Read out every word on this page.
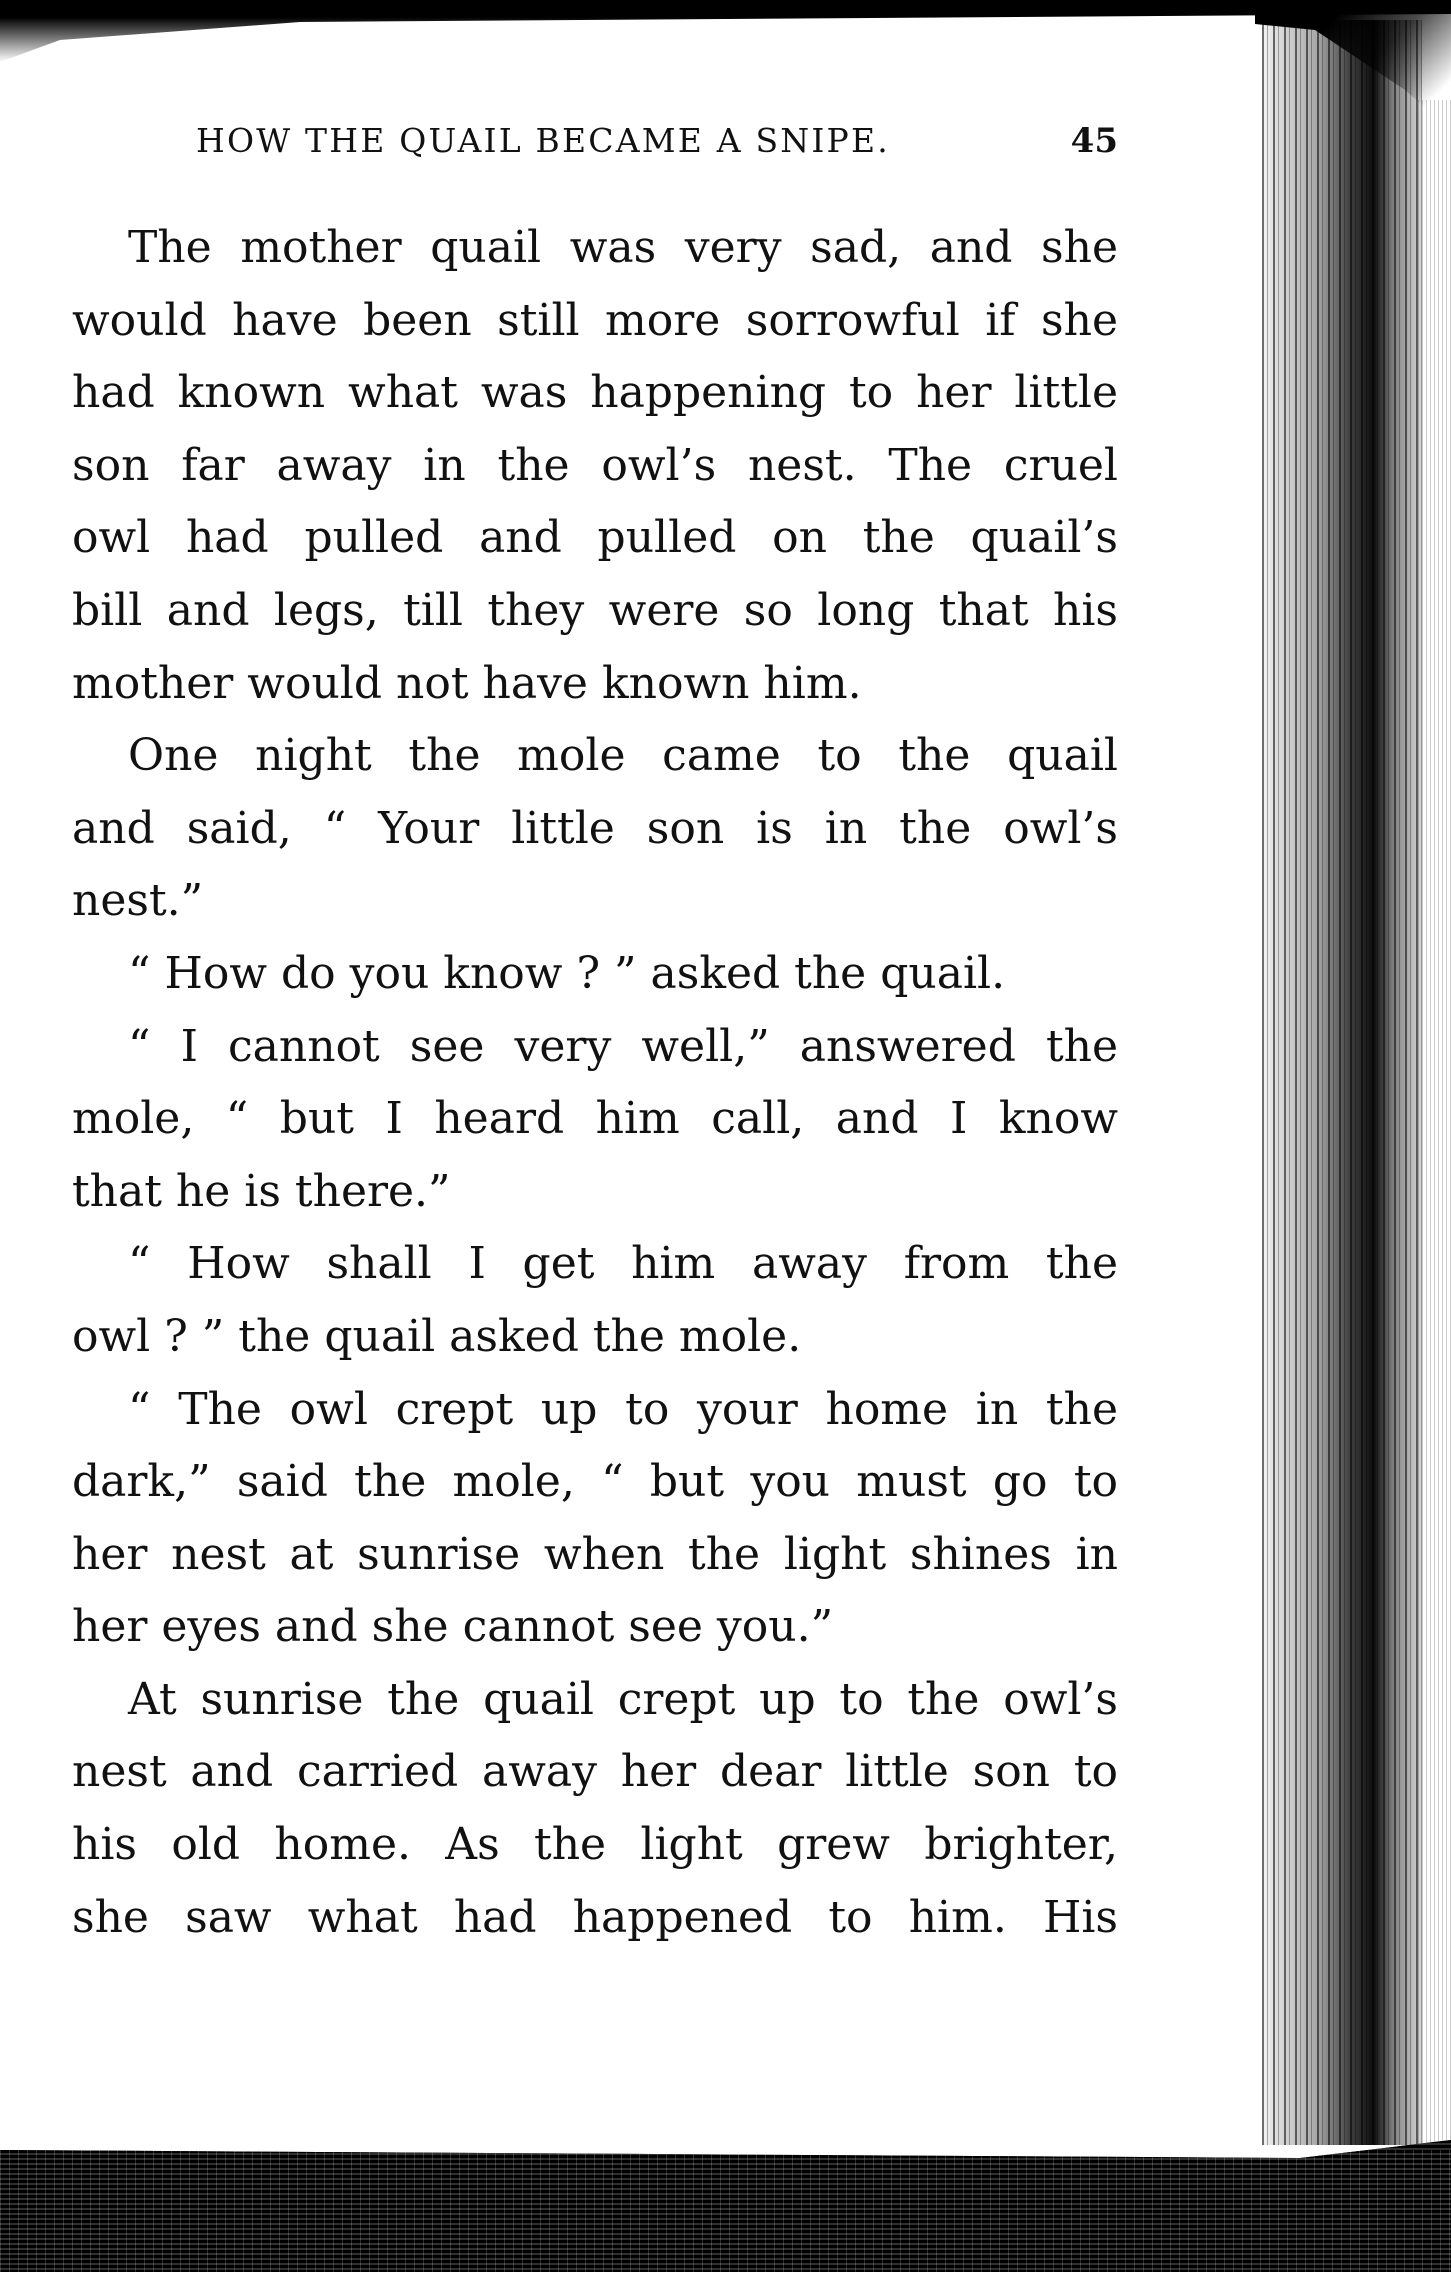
HOW THE QUAIL BECAME A SNIPE.	45
The mother quail was very sad, and she
would have been still more sorrowful if she
had known what was happening to her little
son far away in the owl’s nest. The cruel
owl had pulled and pulled on the quail’s
bill and legs, till they were so long that his
mother would not have known him.
One night the mole came to the quail
and said, “ Your little son is in the owl’s
nest.”
“ How do you know ? ” asked the quail.
“ I cannot see very well,” answered the
mole, “ but I heard him call, and I know
that he is there.”
“ How shall I get him away from the
owl ? ” the quail asked the mole.
“ The owl crept up to your home in the
dark,” said the mole, “ but you must go to
her nest at sunrise when the light shines in
her eyes and she cannot see you.”
At sunrise the quail crept up to the owl’s
nest and carried away her dear little son to
his old home. As the light grew brighter,
she saw what had happened to him. His
